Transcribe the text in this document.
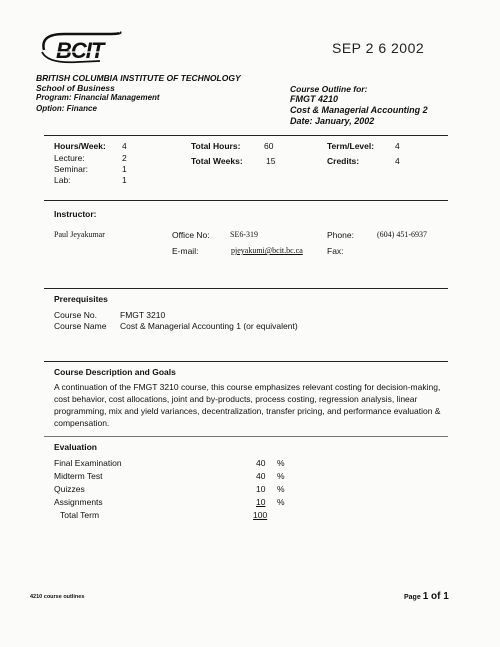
BCIT	SEP 2 6 2002
BRITISH COLUMBIA INSTITUTE OF TECHNOLOGY
School of Business
Program: Financial Management
Option: Finance
Course Outline for:
FMGT 4210
Cost & Managerial Accounting 2
Date: January, 2002
Hours/Week: 4
Lecture:	2
Seminar:	1
Lab:	1
Total Hours:	60
Total Weeks:	15
Term/Level: 4
Credits:	4
Instructor:
Paul Jeyakumar	Office No:	SE6-319
E-mail:	pjeyakumi@bcit.bc.ca
Phone:	(604) 451-6937
Fax:
Prerequisites
Course No.	FMGT 3210
Course Name Cost & Managerial Accounting 1 (or equivalent)
Course Description and Goals
A continuation of the FMGT 3210 course, this course emphasizes relevant costing for decision-making, cost behavior, cost allocations, joint and by-products, process costing, regression analysis, linear programming, mix and yield variances, decentralization, transfer pricing, and performance evaluation & compensation.
Evaluation
Final Examination	40 %
Midterm Test	40 %
Quizzes	10 %
Assignments	10 %
Total Term	100
4210 course outlines	Page 1 of 1
